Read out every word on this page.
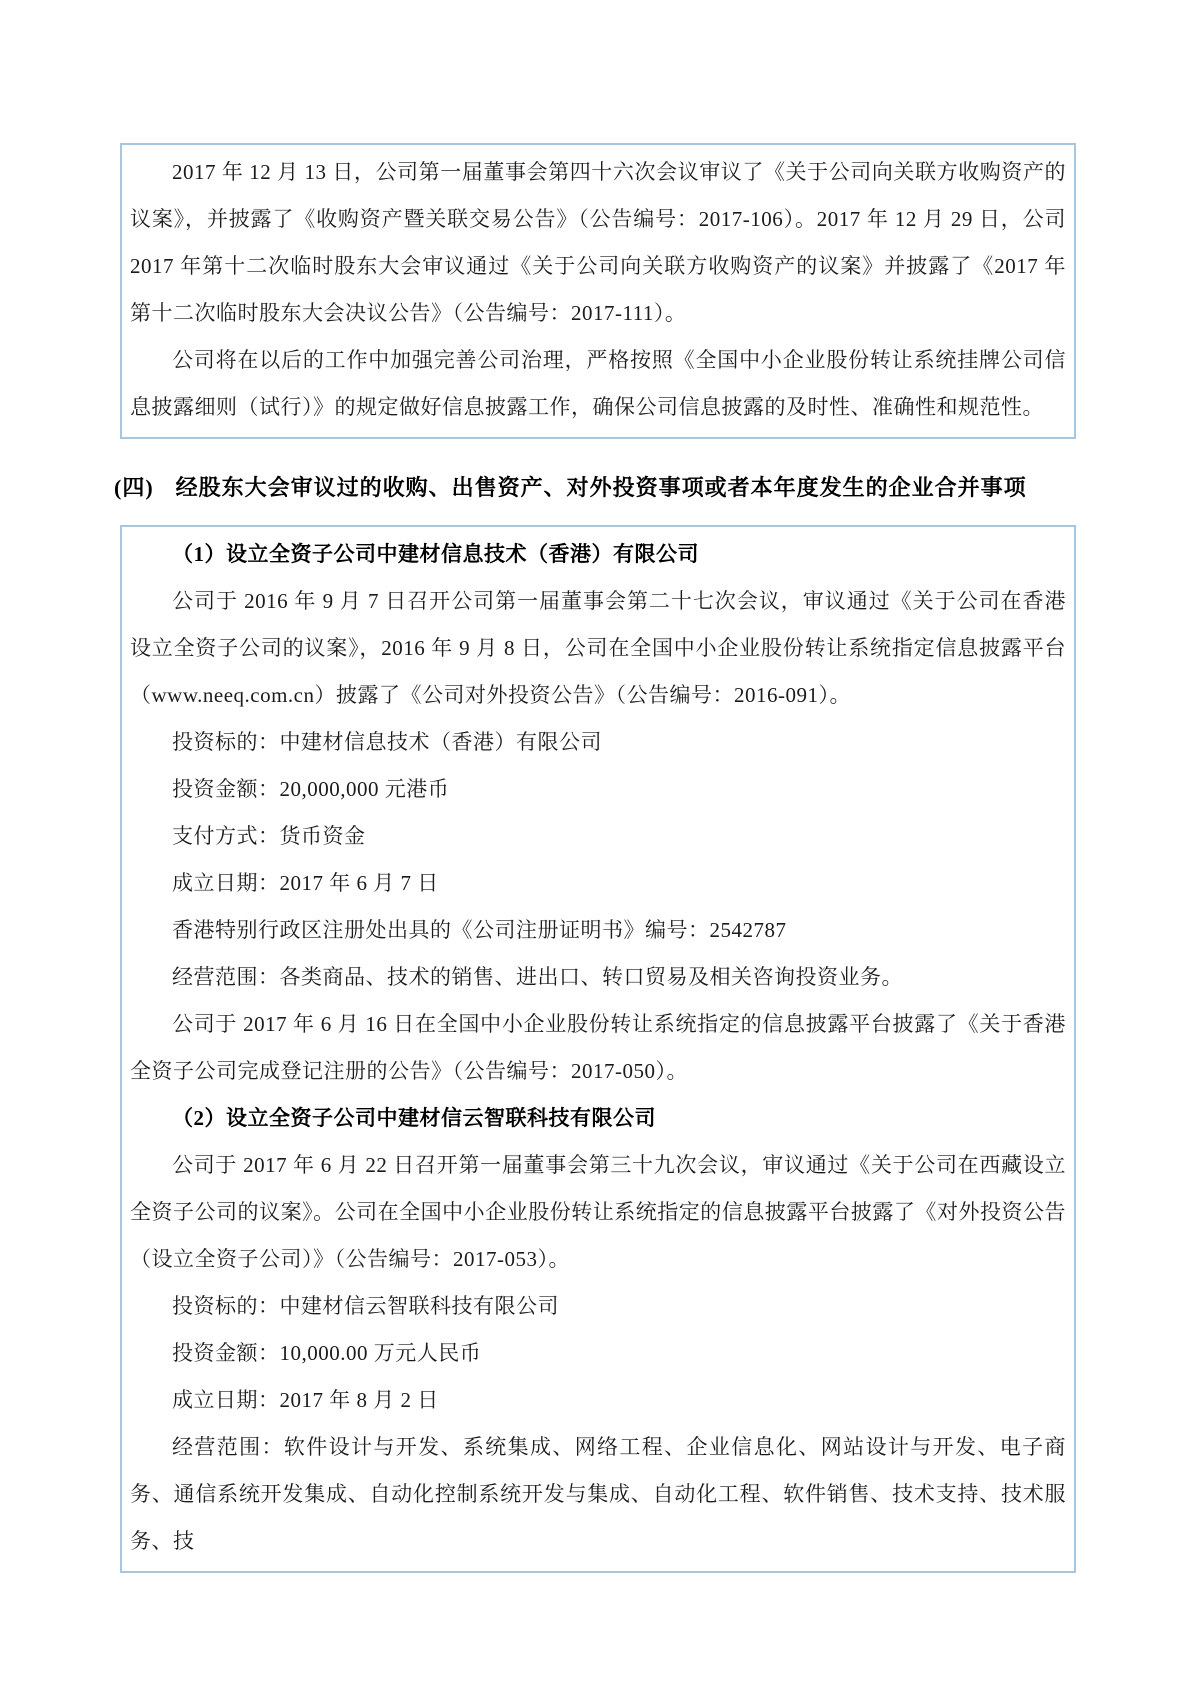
2017 年 12 月 13 日，公司第一届董事会第四十六次会议审议了《关于公司向关联方收购资产的议案》，并披露了《收购资产暨关联交易公告》（公告编号：2017-106）。2017 年 12 月 29 日，公司 2017 年第十二次临时股东大会审议通过《关于公司向关联方收购资产的议案》并披露了《2017 年第十二次临时股东大会决议公告》（公告编号：2017-111）。

公司将在以后的工作中加强完善公司治理，严格按照《全国中小企业股份转让系统挂牌公司信息披露细则（试行）》的规定做好信息披露工作，确保公司信息披露的及时性、准确性和规范性。

(四) 经股东大会审议过的收购、出售资产、对外投资事项或者本年度发生的企业合并事项

（1）设立全资子公司中建材信息技术（香港）有限公司

公司于 2016 年 9 月 7 日召开公司第一届董事会第二十七次会议，审议通过《关于公司在香港设立全资子公司的议案》，2016 年 9 月 8 日，公司在全国中小企业股份转让系统指定信息披露平台（www.neeq.com.cn）披露了《公司对外投资公告》（公告编号：2016-091）。

投资标的：中建材信息技术（香港）有限公司

投资金额：20,000,000 元港币

支付方式：货币资金

成立日期：2017 年 6 月 7 日

香港特别行政区注册处出具的《公司注册证明书》编号：2542787

经营范围：各类商品、技术的销售、进出口、转口贸易及相关咨询投资业务。

公司于 2017 年 6 月 16 日在全国中小企业股份转让系统指定的信息披露平台披露了《关于香港全资子公司完成登记注册的公告》（公告编号：2017-050）。

（2）设立全资子公司中建材信云智联科技有限公司

公司于 2017 年 6 月 22 日召开第一届董事会第三十九次会议，审议通过《关于公司在西藏设立全资子公司的议案》。公司在全国中小企业股份转让系统指定的信息披露平台披露了《对外投资公告（设立全资子公司）》（公告编号：2017-053）。

投资标的：中建材信云智联科技有限公司

投资金额：10,000.00 万元人民币

成立日期：2017 年 8 月 2 日

经营范围：软件设计与开发、系统集成、网络工程、企业信息化、网站设计与开发、电子商务、通信系统开发集成、自动化控制系统开发与集成、自动化工程、软件销售、技术支持、技术服务、技
